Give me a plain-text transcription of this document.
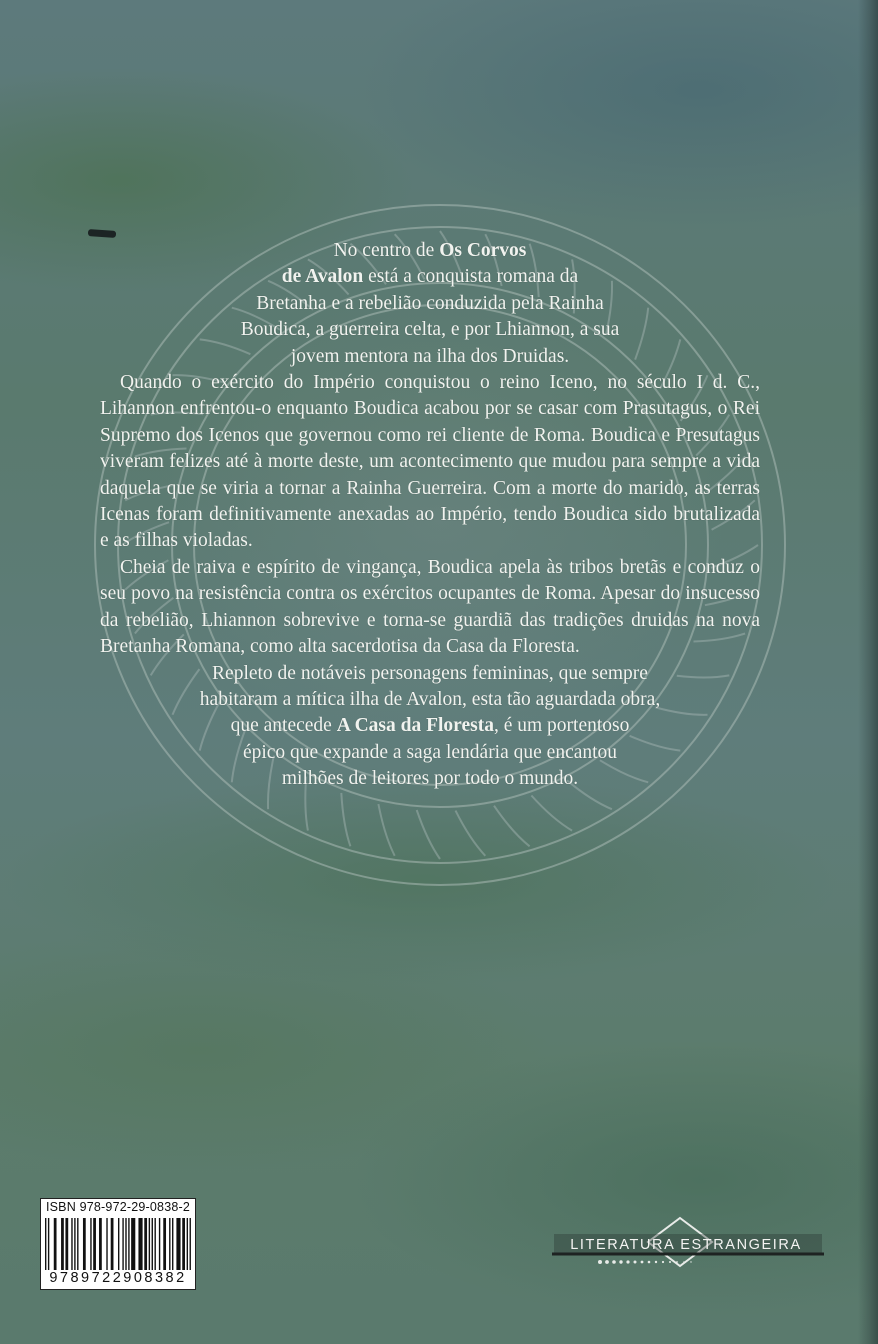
No centro de Os Corvos
de Avalon está a conquista romana da
Bretanha e a rebelião conduzida pela Rainha
Boudica, a guerreira celta, e por Lhiannon, a sua
jovem mentora na ilha dos Druidas.

Quando o exército do Império conquistou o reino Iceno, no século I d. C., Lihannon enfrentou-o enquanto Boudica acabou por se casar com Prasutagus, o Rei Supremo dos Icenos que governou como rei cliente de Roma. Boudica e Presutagus viveram felizes até à morte deste, um acontecimento que mudou para sempre a vida daquela que se viria a tornar a Rainha Guerreira. Com a morte do marido, as terras Icenas foram definitivamente anexadas ao Império, tendo Boudica sido brutalizada e as filhas violadas.

Cheia de raiva e espírito de vingança, Boudica apela às tribos bretãs e conduz o seu povo na resistência contra os exércitos ocupantes de Roma. Apesar do insucesso da rebelião, Lhiannon sobrevive e torna-se guardiã das tradições druidas na nova Bretanha Romana, como alta sacerdotisa da Casa da Floresta.

Repleto de notáveis personagens femininas, que sempre
habitaram a mítica ilha de Avalon, esta tão aguardada obra,
que antecede A Casa da Floresta, é um portentoso
épico que expande a saga lendária que encantou
milhões de leitores por todo o mundo.

ISBN 978-972-29-0838-2
9789722908382
LITERATURA ESTRANGEIRA
